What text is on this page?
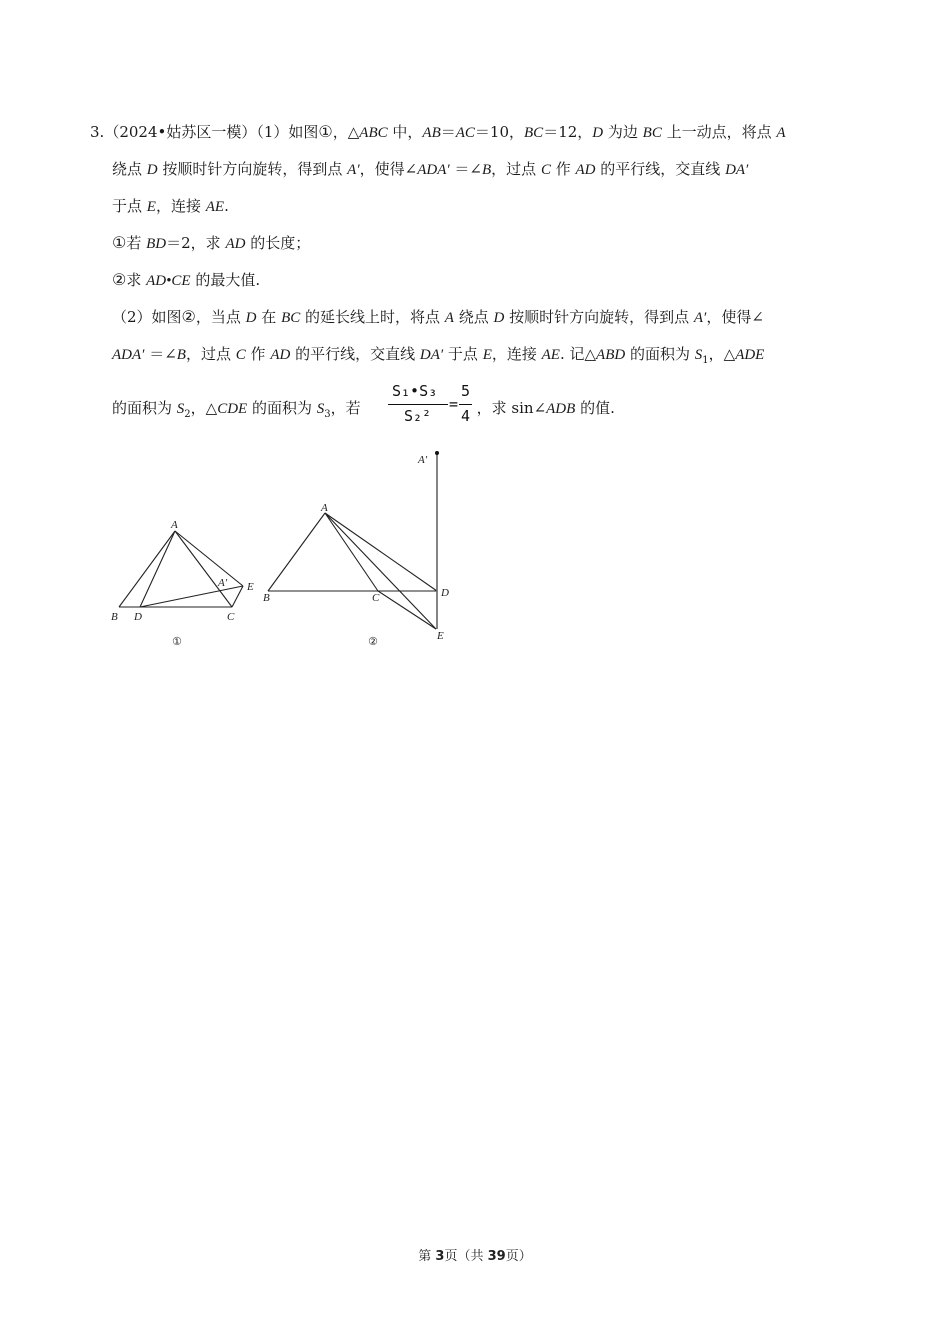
3.（2024•姑苏区一模）（1）如图①，△ABC 中，AB＝AC＝10，BC＝12，D 为边 BC 上一动点，将点 A
绕点 D 按顺时针方向旋转，得到点 A′，使得∠ADA′ ＝∠B，过点 C 作 AD 的平行线，交直线 DA′
于点 E，连接 AE.
①若 BD＝2，求 AD 的长度；
②求 AD•CE 的最大值.
（2）如图②，当点 D 在 BC 的延长线上时，将点 A 绕点 D 按顺时针方向旋转，得到点 A′，使得∠
ADA′ ＝∠B，过点 C 作 AD 的平行线，交直线 DA′ 于点 E，连接 AE. 记△ABD 的面积为 $S_1$，△ADE
的面积为 $S_2$，△CDE 的面积为 $S_3$，若	，求 sin∠ADB 的值.
S₁•S₃
S₂²
=
5
4
A
B D	C
E
A′
①
A
B	C	D
E
A′
②
第 3页（共 39页）
